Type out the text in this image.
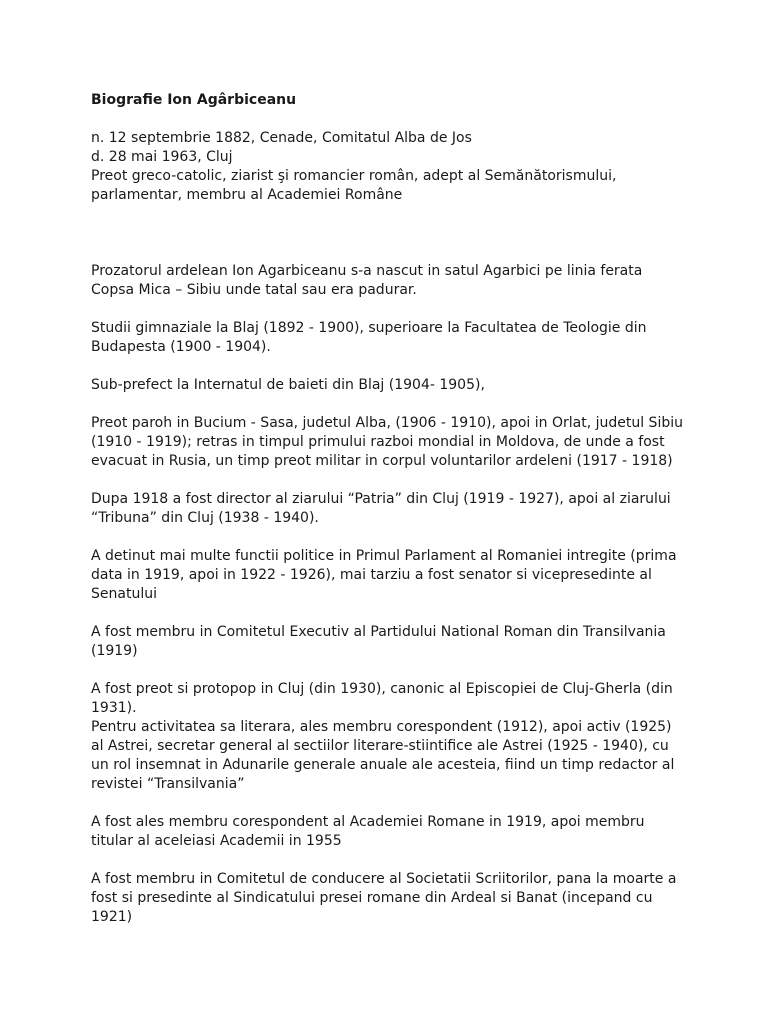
Biografie Ion Agârbiceanu

n. 12 septembrie 1882, Cenade, Comitatul Alba de Jos

d. 28 mai 1963, Cluj

Preot greco-catolic, ziarist şi romancier român, adept al Semănătorismului,
parlamentar, membru al Academiei Române

Prozatorul ardelean Ion Agarbiceanu s-a nascut in satul Agarbici pe linia ferata
Copsa Mica – Sibiu unde tatal sau era padurar.

Studii gimnaziale la Blaj (1892 - 1900), superioare la Facultatea de Teologie din
Budapesta (1900 - 1904).

Sub-prefect la Internatul de baieti din Blaj (1904- 1905),

Preot paroh in Bucium - Sasa, judetul Alba, (1906 - 1910), apoi in Orlat, judetul Sibiu
(1910 - 1919); retras in timpul primului razboi mondial in Moldova, de unde a fost
evacuat in Rusia, un timp preot militar in corpul voluntarilor ardeleni (1917 - 1918)

Dupa 1918 a fost director al ziarului “Patria” din Cluj (1919 - 1927), apoi al ziarului
“Tribuna” din Cluj (1938 - 1940).

A detinut mai multe functii politice in Primul Parlament al Romaniei intregite (prima
data in 1919, apoi in 1922 - 1926), mai tarziu a fost senator si vicepresedinte al
Senatului

A fost membru in Comitetul Executiv al Partidului National Roman din Transilvania
(1919)

A fost preot si protopop in Cluj (din 1930), canonic al Episcopiei de Cluj-Gherla (din
1931).

Pentru activitatea sa literara, ales membru corespondent (1912), apoi activ (1925)
al Astrei, secretar general al sectiilor literare-stiintifice ale Astrei (1925 - 1940), cu
un rol insemnat in Adunarile generale anuale ale acesteia, fiind un timp redactor al
revistei “Transilvania”

A fost ales membru corespondent al Academiei Romane in 1919, apoi membru
titular al aceleiasi Academii in 1955

A fost membru in Comitetul de conducere al Societatii Scriitorilor, pana la moarte a
fost si presedinte al Sindicatului presei romane din Ardeal si Banat (incepand cu
1921)
